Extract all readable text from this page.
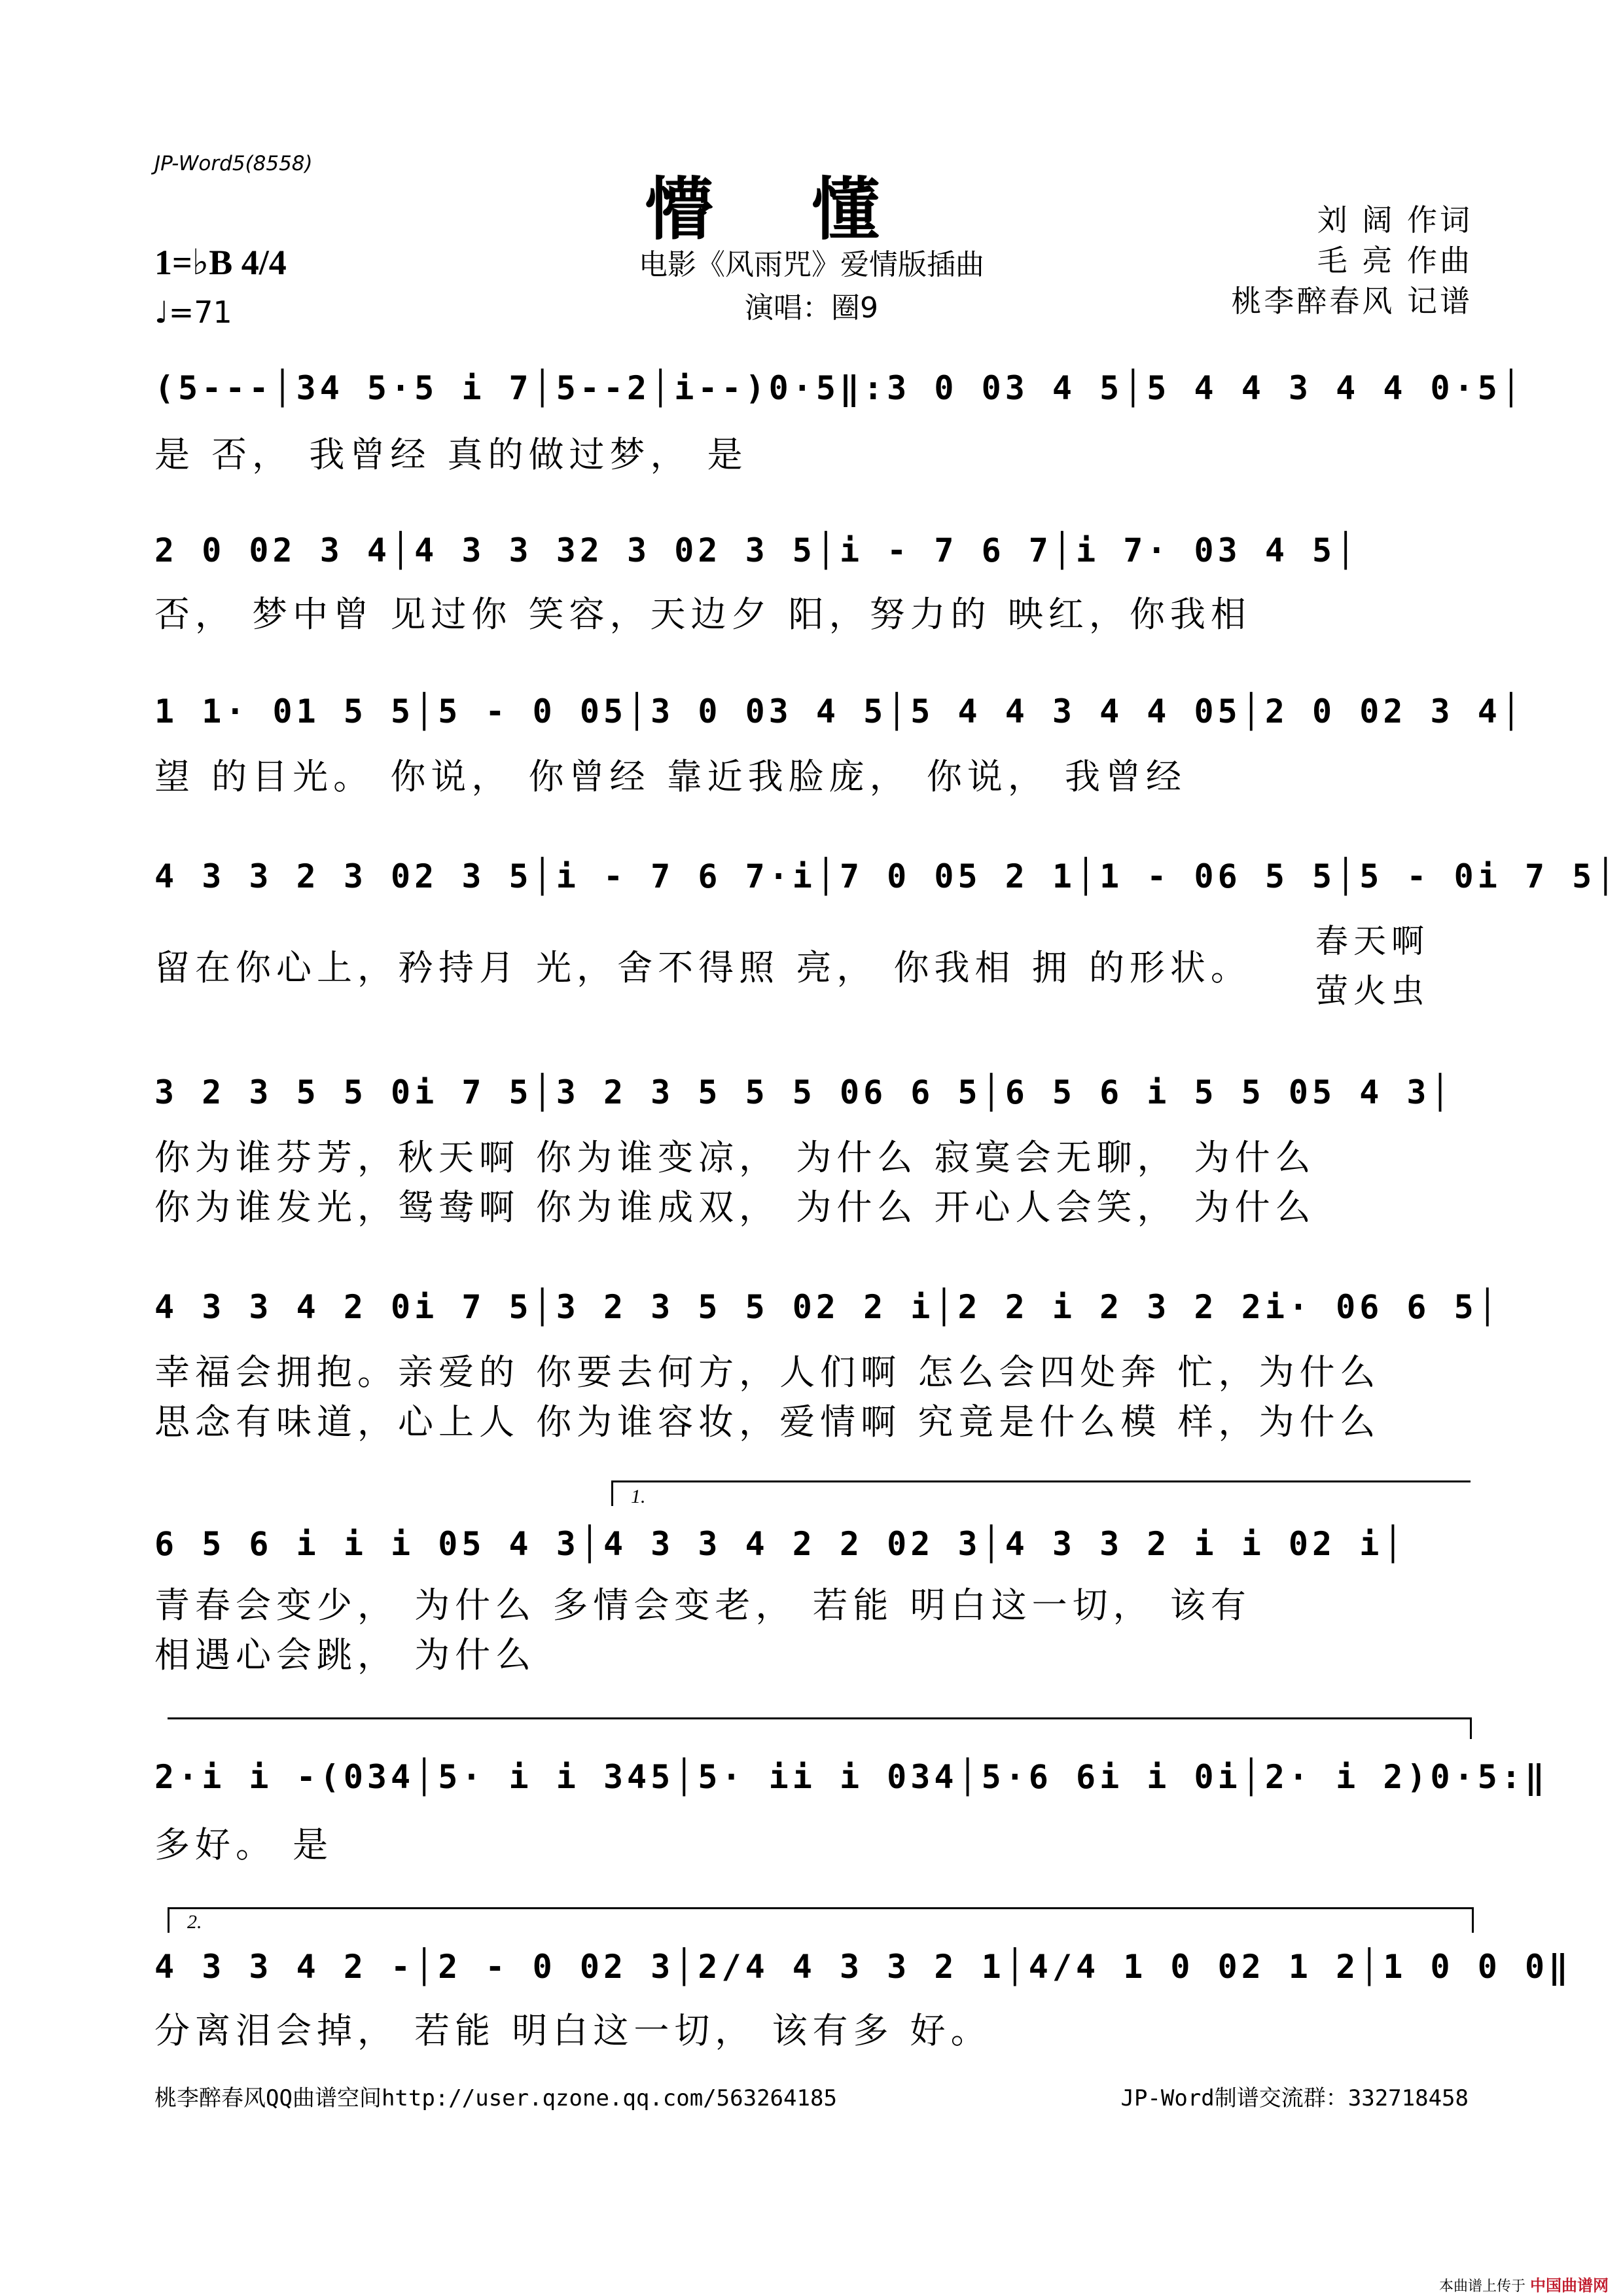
JP-Word5(8558)
懵懂
电影《风雨咒》爱情版插曲
演唱：圈9
刘 阔 作词
毛 亮 作曲
桃李醉春风 记谱
1=♭B 4/4
♩=71
(5---│34 5·5 i 7│5--2│i--)0·5‖:3 0 03 4 5│5 4 4 3 4 4 0·5│
是 否， 我曾经 真的做过梦， 是
2 0 02 3 4│4 3 3 32 3 02 3 5│i - 7 6 7│i 7· 03 4 5│
否， 梦中曾 见过你 笑容，天边夕 阳，努力的 映红，你我相
1 1· 01 5 5│5 - 0 05│3 0 03 4 5│5 4 4 3 4 4 05│2 0 02 3 4│
望 的目光。 你说， 你曾经 靠近我脸庞， 你说， 我曾经
4 3 3 2 3 02 3 5│i - 7 6 7·i│7 0 05 2 1│1 - 06 5 5│5 - 0i 7 5│
留在你心上，矜持月 光，舍不得照 亮， 你我相 拥 的形状。
春天啊
萤火虫
3 2 3 5 5 0i 7 5│3 2 3 5 5 5 06 6 5│6 5 6 i 5 5 05 4 3│
你为谁芬芳，秋天啊 你为谁变凉， 为什么 寂寞会无聊， 为什么
你为谁发光，鸳鸯啊 你为谁成双， 为什么 开心人会笑， 为什么
4 3 3 4 2 0i 7 5│3 2 3 5 5 02 2 i│2 2 i 2 3 2 2i· 06 6 5│
幸福会拥抱。亲爱的 你要去何方，人们啊 怎么会四处奔 忙，为什么
思念有味道，心上人 你为谁容妆，爱情啊 究竟是什么模 样，为什么
1.
6 5 6 i i i 05 4 3│4 3 3 4 2 2 02 3│4 3 3 2 i i 02 i│
青春会变少， 为什么 多情会变老， 若能 明白这一切， 该有
相遇心会跳， 为什么
2·i i -(034│5· i i 345│5· ii i 034│5·6 6i i 0i│2· i 2)0·5:‖
多好。 是
2.
4 3 3 4 2 -│2 - 0 02 3│2/4 4 3 3 2 1│4/4 1 0 02 1 2│1 0 0 0‖
分离泪会掉， 若能 明白这一切， 该有多 好。
桃李醉春风QQ曲谱空间http://user.qzone.qq.com/563264185	JP-Word制谱交流群：332718458
本曲谱上传于 中国曲谱网
